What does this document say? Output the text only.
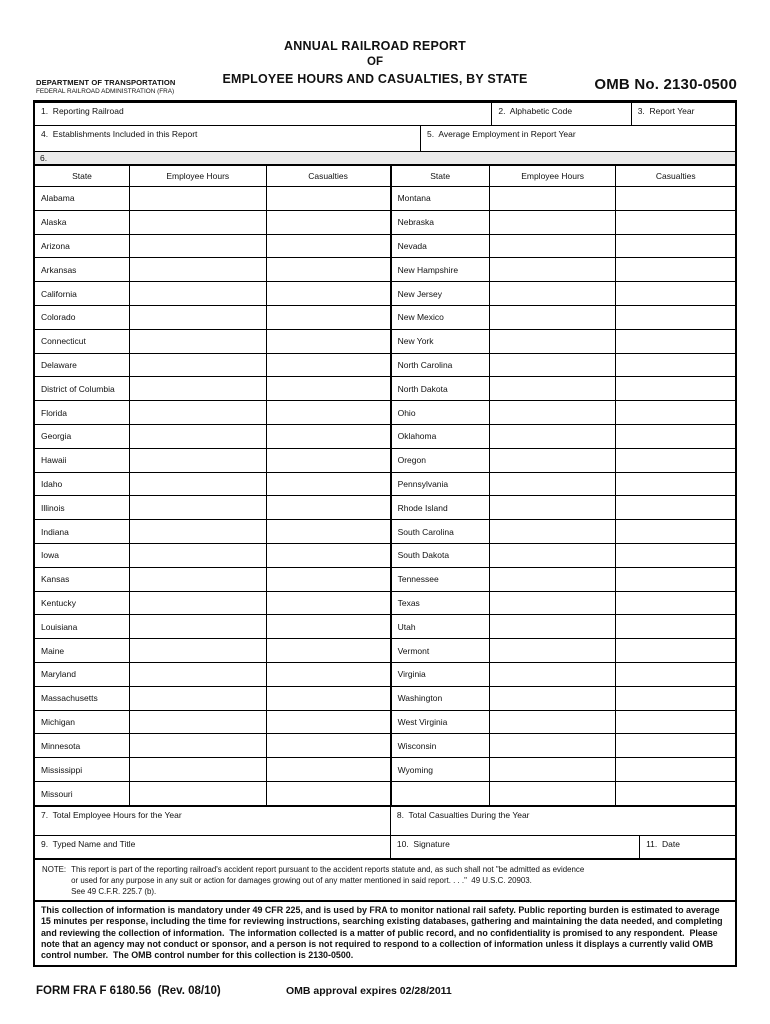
ANNUAL RAILROAD REPORT
OF
EMPLOYEE HOURS AND CASUALTIES, BY STATE
DEPARTMENT OF TRANSPORTATION
FEDERAL RAILROAD ADMINISTRATION (FRA)	OMB No. 2130-0500
1.  Reporting Railroad	2.  Alphabetic Code	3.  Report Year
4.  Establishments Included in this Report	5.  Average Employment in Report Year
6.
State	Employee Hours	Casualties	State	Employee Hours	Casualties
Alabama			Montana		
Alaska			Nebraska		
Arizona			Nevada		
Arkansas			New Hampshire		
California			New Jersey		
Colorado			New Mexico		
Connecticut			New York		
Delaware			North Carolina		
District of Columbia			North Dakota		
Florida			Ohio		
Georgia			Oklahoma		
Hawaii			Oregon		
Idaho			Pennsylvania		
Illinois			Rhode Island		
Indiana			South Carolina		
Iowa			South Dakota		
Kansas			Tennessee		
Kentucky			Texas		
Louisiana			Utah		
Maine			Vermont		
Maryland			Virginia		
Massachusetts			Washington		
Michigan			West Virginia		
Minnesota			Wisconsin		
Mississippi			Wyoming		
Missouri					
7.  Total Employee Hours for the Year	8.  Total Casualties During the Year
9.  Typed Name and Title	10.  Signature	11.  Date
NOTE: This report is part of the reporting railroad's accident report pursuant to the accident reports statute and, as such shall not "be admitted as evidence
or used for any purpose in any suit or action for damages growing out of any matter mentioned in said report. . . ."  49 U.S.C. 20903.
See 49 C.F.R. 225.7 (b).
This collection of information is mandatory under 49 CFR 225, and is used by FRA to monitor national rail safety. Public reporting burden is estimated to average 15 minutes per response, including the time for reviewing instructions, searching existing databases, gathering and maintaining the data needed, and completing and reviewing the collection of information.  The information collected is a matter of public record, and no confidentiality is promised to any respondent.  Please note that an agency may not conduct or sponsor, and a person is not required to respond to a collection of information unless it displays a currently valid OMB control number.  The OMB control number for this collection is 2130-0500.
FORM FRA F 6180.56  (Rev. 08/10)	OMB approval expires 02/28/2011
